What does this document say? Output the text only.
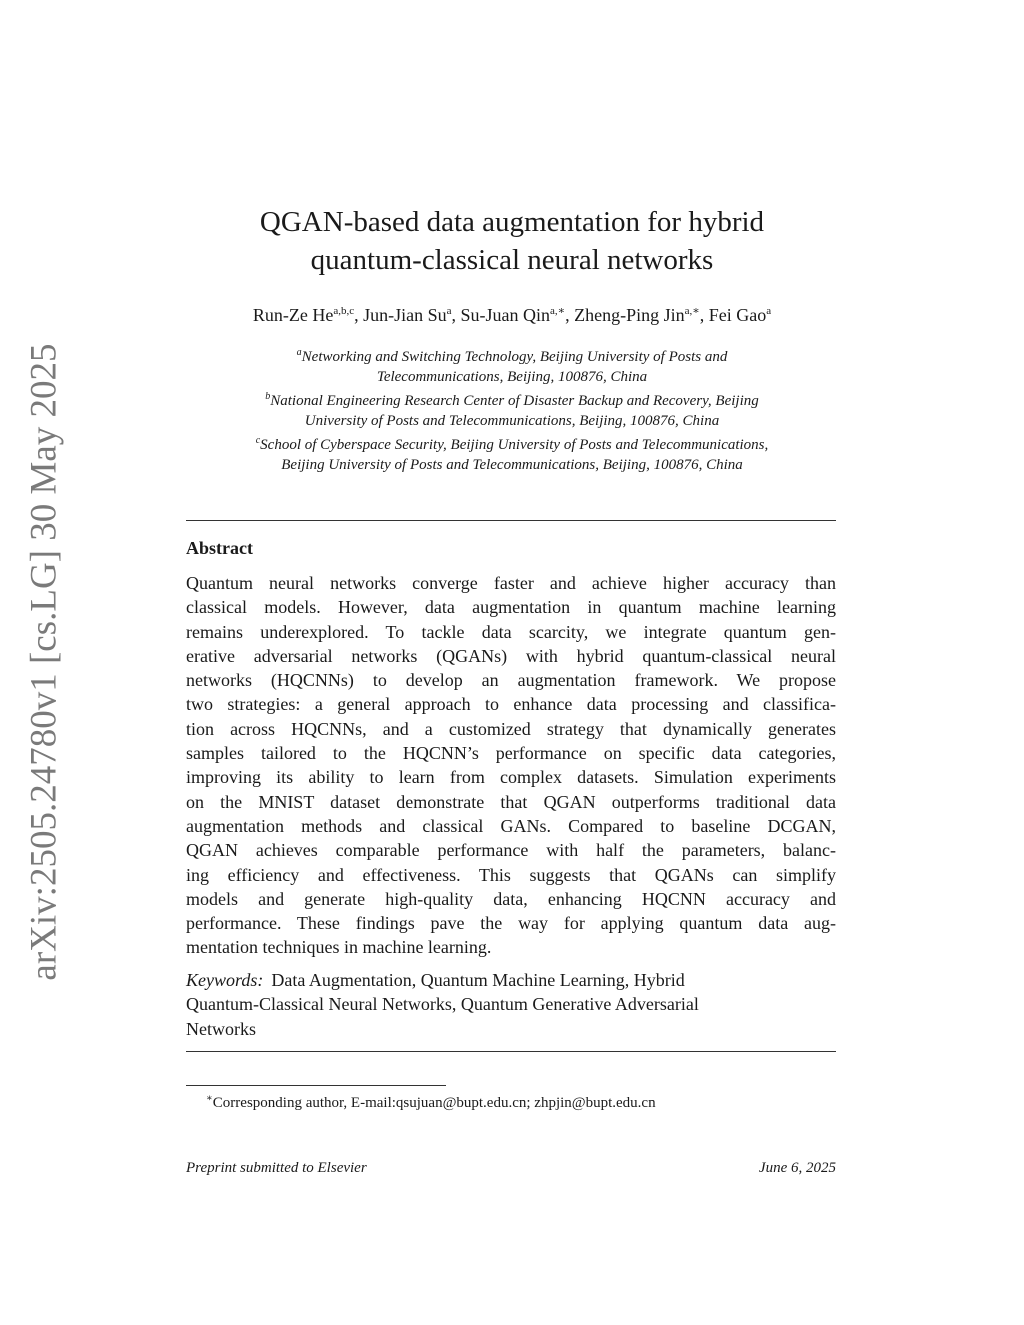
arXiv:2505.24780v1 [cs.LG] 30 May 2025
QGAN-based data augmentation for hybrid
quantum-classical neural networks
Run-Ze He$^{a,b,c}$, Jun-Jian Su$^a$, Su-Juan Qin$^{a,∗}$, Zheng-Ping Jin$^{a,∗}$, Fei Gao$^a$
$^a$Networking and Switching Technology, Beijing University of Posts and
Telecommunications, Beijing, 100876, China
$^b$National Engineering Research Center of Disaster Backup and Recovery, Beijing
University of Posts and Telecommunications, Beijing, 100876, China
$^c$School of Cyberspace Security, Beijing University of Posts and Telecommunications,
Beijing University of Posts and Telecommunications, Beijing, 100876, China
Abstract
Quantum neural networks converge faster and achieve higher accuracy than
classical models. However, data augmentation in quantum machine learning
remains underexplored. To tackle data scarcity, we integrate quantum gen-
erative adversarial networks (QGANs) with hybrid quantum-classical neural
networks (HQCNNs) to develop an augmentation framework. We propose
two strategies: a general approach to enhance data processing and classifica-
tion across HQCNNs, and a customized strategy that dynamically generates
samples tailored to the HQCNN’s performance on specific data categories,
improving its ability to learn from complex datasets. Simulation experiments
on the MNIST dataset demonstrate that QGAN outperforms traditional data
augmentation methods and classical GANs. Compared to baseline DCGAN,
QGAN achieves comparable performance with half the parameters, balanc-
ing efficiency and effectiveness. This suggests that QGANs can simplify
models and generate high-quality data, enhancing HQCNN accuracy and
performance. These findings pave the way for applying quantum data aug-
mentation techniques in machine learning.
Keywords: Data Augmentation, Quantum Machine Learning, Hybrid
Quantum-Classical Neural Networks, Quantum Generative Adversarial
Networks
∗Corresponding author, E-mail:qsujuan@bupt.edu.cn; zhpjin@bupt.edu.cn
Preprint submitted to Elsevier	June 6, 2025
